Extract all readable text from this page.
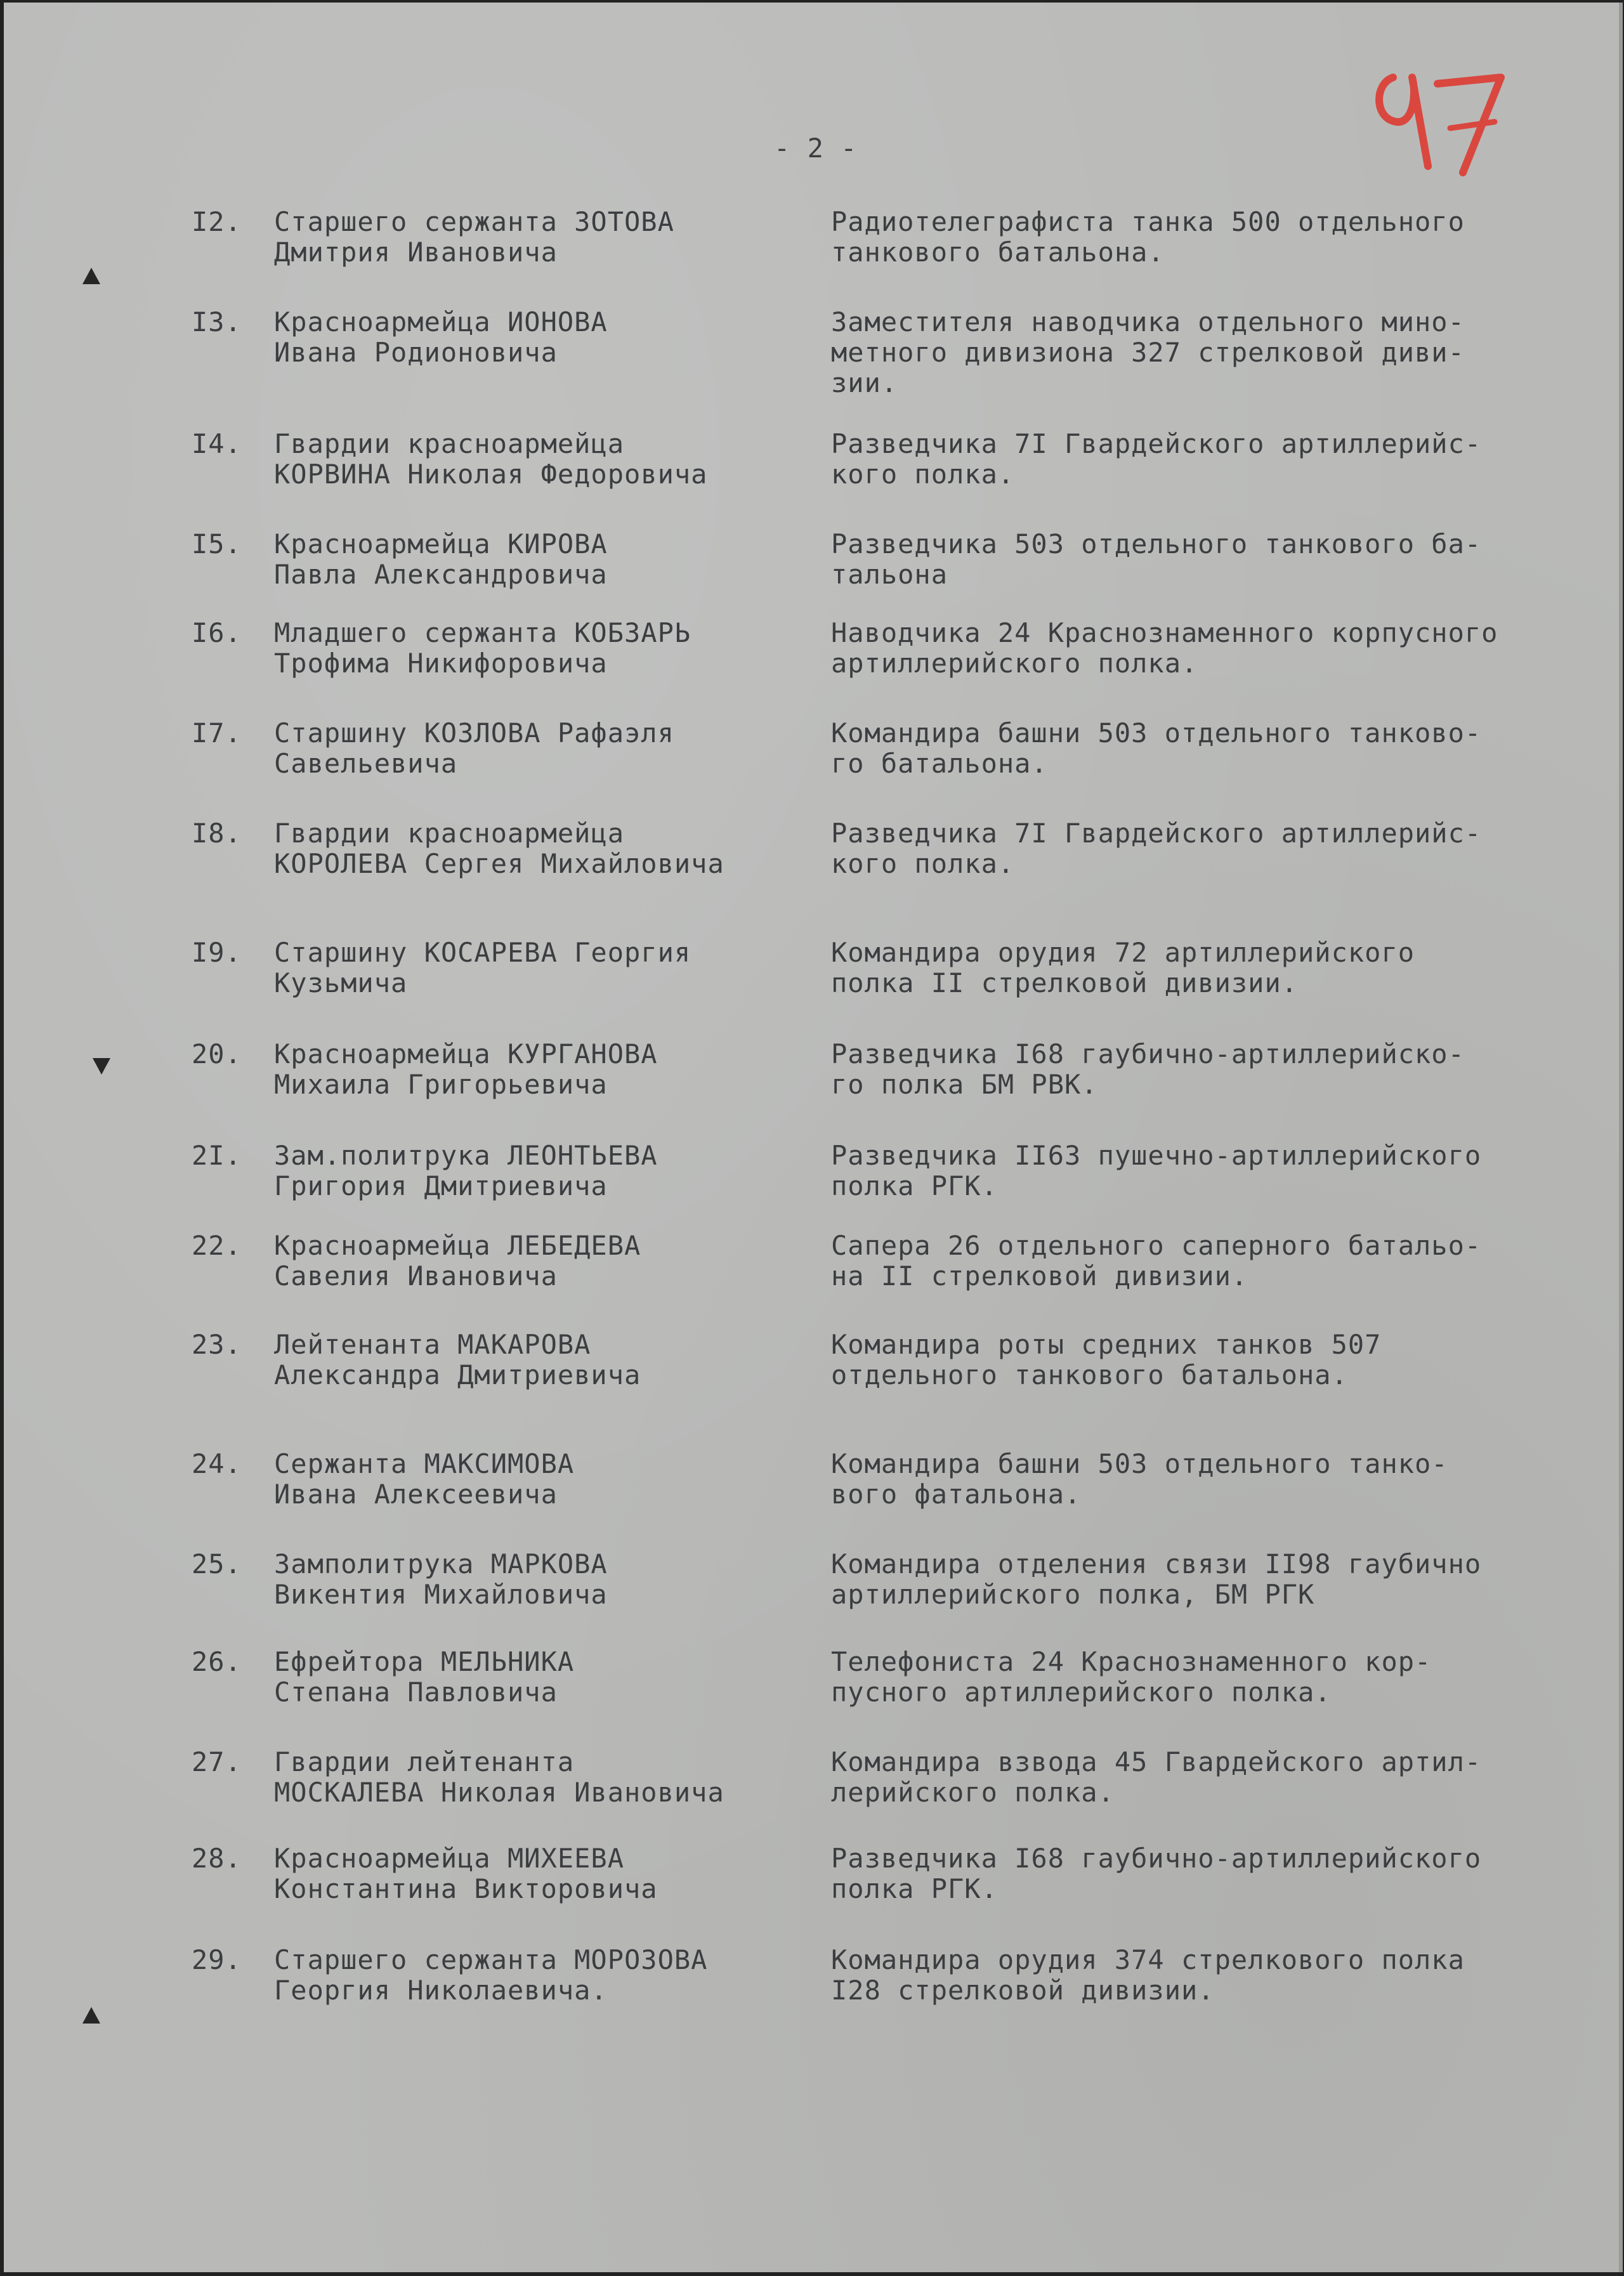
- 2 -
I2. Старшего сержанта ЗОТОВА
Дмитрия Ивановича
Радиотелеграфиста танка 500 отдельного
танкового батальона.
I3. Красноармейца ИОНОВА
Ивана Родионовича
Заместителя наводчика отдельного мино-
метного дивизиона 327 стрелковой диви-
зии.
I4. Гвардии красноармейца
КОРВИНА Николая Федоровича
Разведчика 7I Гвардейского артиллерийс-
кого полка.
I5. Красноармейца КИРОВА
Павла Александровича
Разведчика 503 отдельного танкового ба-
тальона
I6. Младшего сержанта КОБЗАРЬ
Трофима Никифоровича
Наводчика 24 Краснознаменного корпусного
артиллерийского полка.
I7. Старшину КОЗЛОВА Рафаэля
Савельевича
Командира башни 503 отдельного танково-
го батальона.
I8. Гвардии красноармейца
КОРОЛЕВА Сергея Михайловича
Разведчика 7I Гвардейского артиллерийс-
кого полка.
I9. Старшину КОСАРЕВА Георгия
Кузьмича
Командира орудия 72 артиллерийского
полка II стрелковой дивизии.
20. Красноармейца КУРГАНОВА
Михаила Григорьевича
Разведчика I68 гаубично-артиллерийско-
го полка БМ РВК.
2I. Зам.политрука ЛЕОНТЬЕВА
Григория Дмитриевича
Разведчика II63 пушечно-артиллерийского
полка РГК.
22. Красноармейца ЛЕБЕДЕВА
Савелия Ивановича
Сапера 26 отдельного саперного батальо-
на II стрелковой дивизии.
23. Лейтенанта МАКАРОВА
Александра Дмитриевича
Командира роты средних танков 507
отдельного танкового батальона.
24. Сержанта МАКСИМОВА
Ивана Алексеевича
Командира башни 503 отдельного танко-
вого фатальона.
25. Замполитрука МАРКОВА
Викентия Михайловича
Командира отделения связи II98 гаубично
артиллерийского полка, БМ РГК
26. Ефрейтора МЕЛЬНИКА
Степана Павловича
Телефониста 24 Краснознаменного кор-
пусного артиллерийского полка.
27. Гвардии лейтенанта
МОСКАЛЕВА Николая Ивановича
Командира взвода 45 Гвардейского артил-
лерийского полка.
28. Красноармейца МИХЕЕВА
Константина Викторовича
Разведчика I68 гаубично-артиллерийского
полка РГК.
29. Старшего сержанта МОРОЗОВА
Георгия Николаевича.
Командира орудия 374 стрелкового полка
I28 стрелковой дивизии.
